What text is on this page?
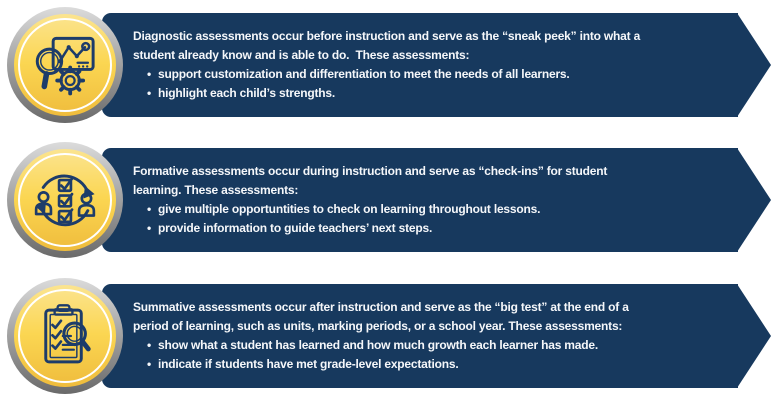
Diagnostic assessments occur before instruction and serve as the “sneak peek” into what a
student already know and is able to do.  These assessments:
• support customization and differentiation to meet the needs of all learners.
• highlight each child’s strengths.
Formative assessments occur during instruction and serve as “check-ins” for student
learning. These assessments:
• give multiple opportuntities to check on learning throughout lessons.
• provide information to guide teachers’ next steps.
Summative assessments occur after instruction and serve as the “big test” at the end of a
period of learning, such as units, marking periods, or a school year. These assessments:
• show what a student has learned and how much growth each learner has made.
• indicate if students have met grade-level expectations.
